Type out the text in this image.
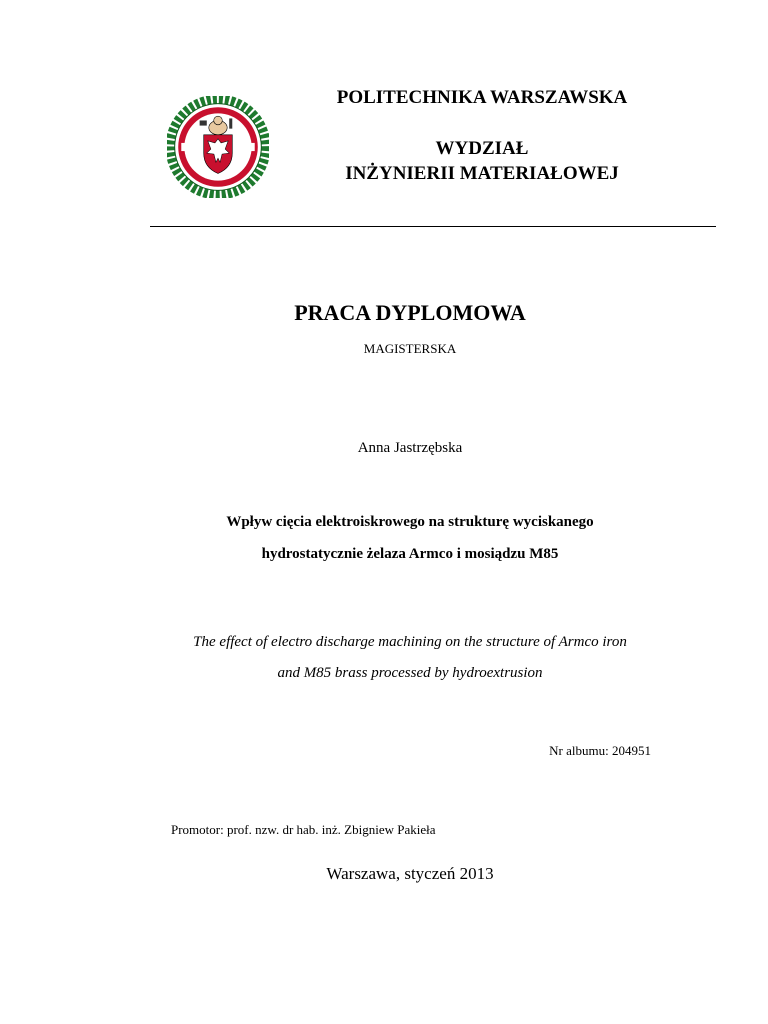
POLITECHNIKA WARSZAWSKA
WYDZIAŁ
INŻYNIERII MATERIAŁOWEJ
PRACA DYPLOMOWA
MAGISTERSKA
Anna Jastrzębska
Wpływ cięcia elektroiskrowego na strukturę wyciskanego
hydrostatycznie żelaza Armco i mosiądzu M85
The effect of electro discharge machining on the structure of Armco iron
and M85 brass processed by hydroextrusion
Nr albumu: 204951
Promotor: prof. nzw. dr hab. inż. Zbigniew Pakieła
Warszawa, styczeń 2013
